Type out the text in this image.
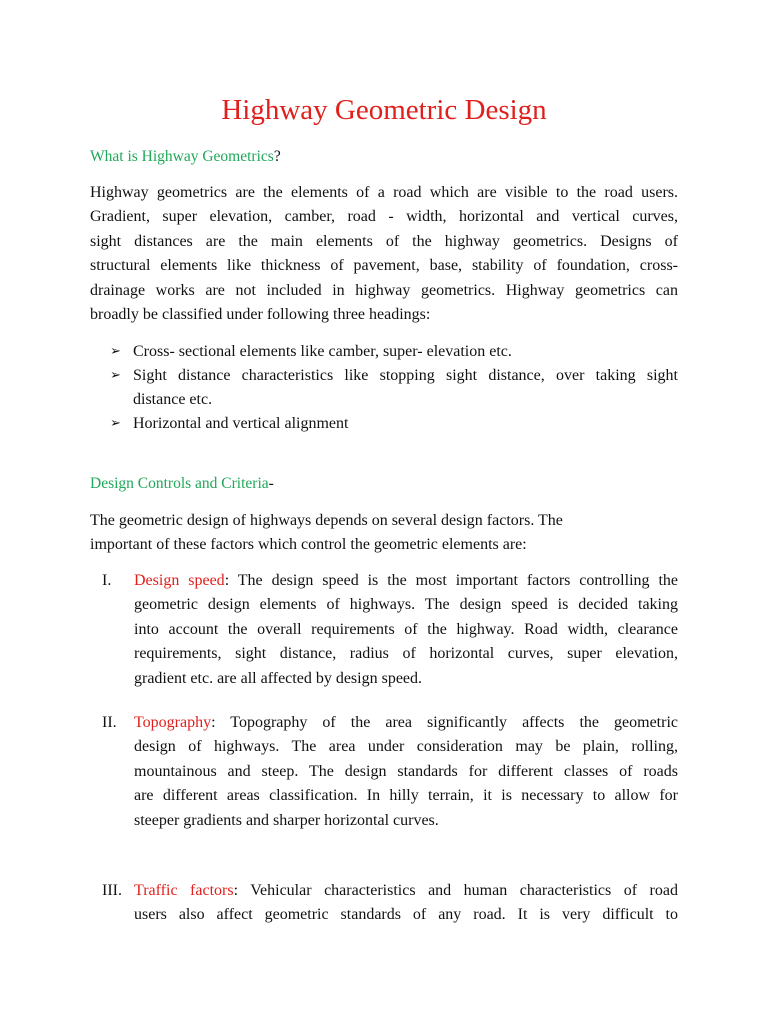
Highway Geometric Design
What is Highway Geometrics?
Highway geometrics are the elements of a road which are visible to the road users.
Gradient, super elevation, camber, road - width, horizontal and vertical curves,
sight distances are the main elements of the highway geometrics. Designs of
structural elements like thickness of pavement, base, stability of foundation, cross-
drainage works are not included in highway geometrics. Highway geometrics can
broadly be classified under following three headings:
➢ Cross- sectional elements like camber, super- elevation etc.
➢ Sight distance characteristics like stopping sight distance, over taking sight
distance etc.
➢ Horizontal and vertical alignment
Design Controls and Criteria-
The geometric design of highways depends on several design factors. The
important of these factors which control the geometric elements are:
I. Design speed: The design speed is the most important factors controlling the
geometric design elements of highways. The design speed is decided taking
into account the overall requirements of the highway. Road width, clearance
requirements, sight distance, radius of horizontal curves, super elevation,
gradient etc. are all affected by design speed.
II. Topography: Topography of the area significantly affects the geometric
design of highways. The area under consideration may be plain, rolling,
mountainous and steep. The design standards for different classes of roads
are different areas classification. In hilly terrain, it is necessary to allow for
steeper gradients and sharper horizontal curves.
III. Traffic factors: Vehicular characteristics and human characteristics of road
users also affect geometric standards of any road. It is very difficult to
